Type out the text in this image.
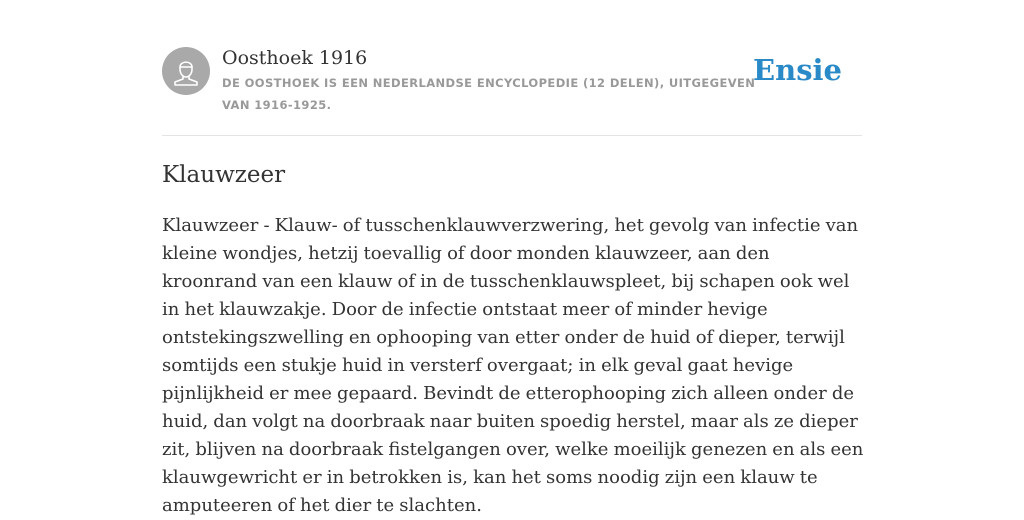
Oosthoek 1916
DE OOSTHOEK IS EEN NEDERLANDSE ENCYCLOPEDIE (12 DELEN), UITGEGEVEN VAN 1916-1925.
Ensie
Klauwzeer

Klauwzeer - Klauw- of tusschenklauwverzwering, het gevolg van infectie van kleine wondjes, hetzij toevallig of door monden klauwzeer, aan den kroonrand van een klauw of in de tusschenklauwspleet, bij schapen ook wel in het klauwzakje. Door de infectie ontstaat meer of minder hevige ontstekingszwelling en ophooping van etter onder de huid of dieper, terwijl somtijds een stukje huid in versterf overgaat; in elk geval gaat hevige pijnlijkheid er mee gepaard. Bevindt de etterophooping zich alleen onder de huid, dan volgt na doorbraak naar buiten spoedig herstel, maar als ze dieper zit, blijven na doorbraak fistelgangen over, welke moeilijk genezen en als een klauwgewricht er in betrokken is, kan het soms noodig zijn een klauw te amputeeren of het dier te slachten.
